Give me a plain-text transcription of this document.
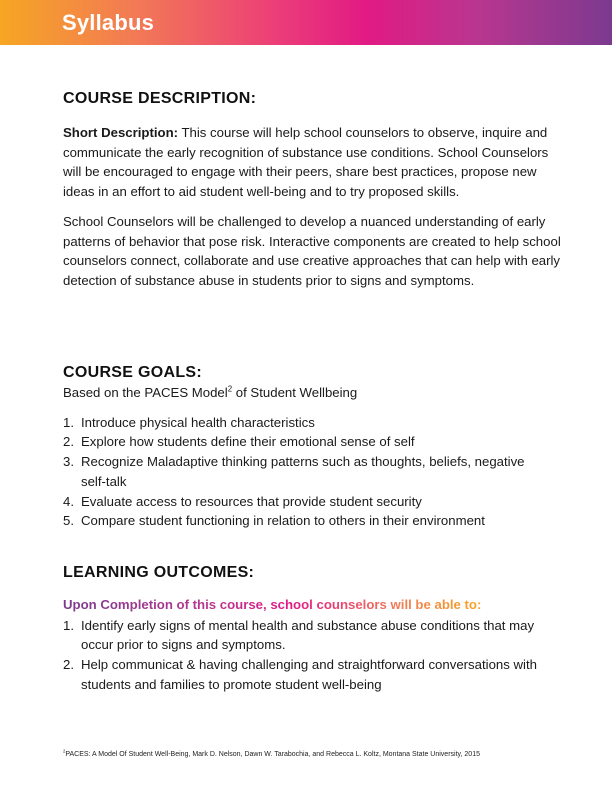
Syllabus
COURSE DESCRIPTION:

Short Description: This course will help school counselors to observe, inquire and communicate the early recognition of substance use conditions. School Counselors will be encouraged to engage with their peers, share best practices, propose new ideas in an effort to aid student well-being and to try proposed skills.

School Counselors will be challenged to develop a nuanced understanding of early patterns of behavior that pose risk. Interactive components are created to help school counselors connect, collaborate and use creative approaches that can help with early detection of substance abuse in students prior to signs and symptoms.

COURSE GOALS:

Based on the PACES Model$^2$ of Student Wellbeing

1. Introduce physical health characteristics
2. Explore how students define their emotional sense of self
3. Recognize Maladaptive thinking patterns such as thoughts, beliefs, negative self-talk
4. Evaluate access to resources that provide student security
5. Compare student functioning in relation to others in their environment
LEARNING OUTCOMES:

Upon Completion of this course, school counselors will be able to:

1. Identify early signs of mental health and substance abuse conditions that may occur prior to signs and symptoms.
2. Help communicat & having challenging and straightforward conversations with students and families to promote student well-being
$^2$PACES: A Model Of Student Well-Being, Mark D. Nelson, Dawn W. Tarabochia, and Rebecca L. Koltz, Montana State University, 2015
